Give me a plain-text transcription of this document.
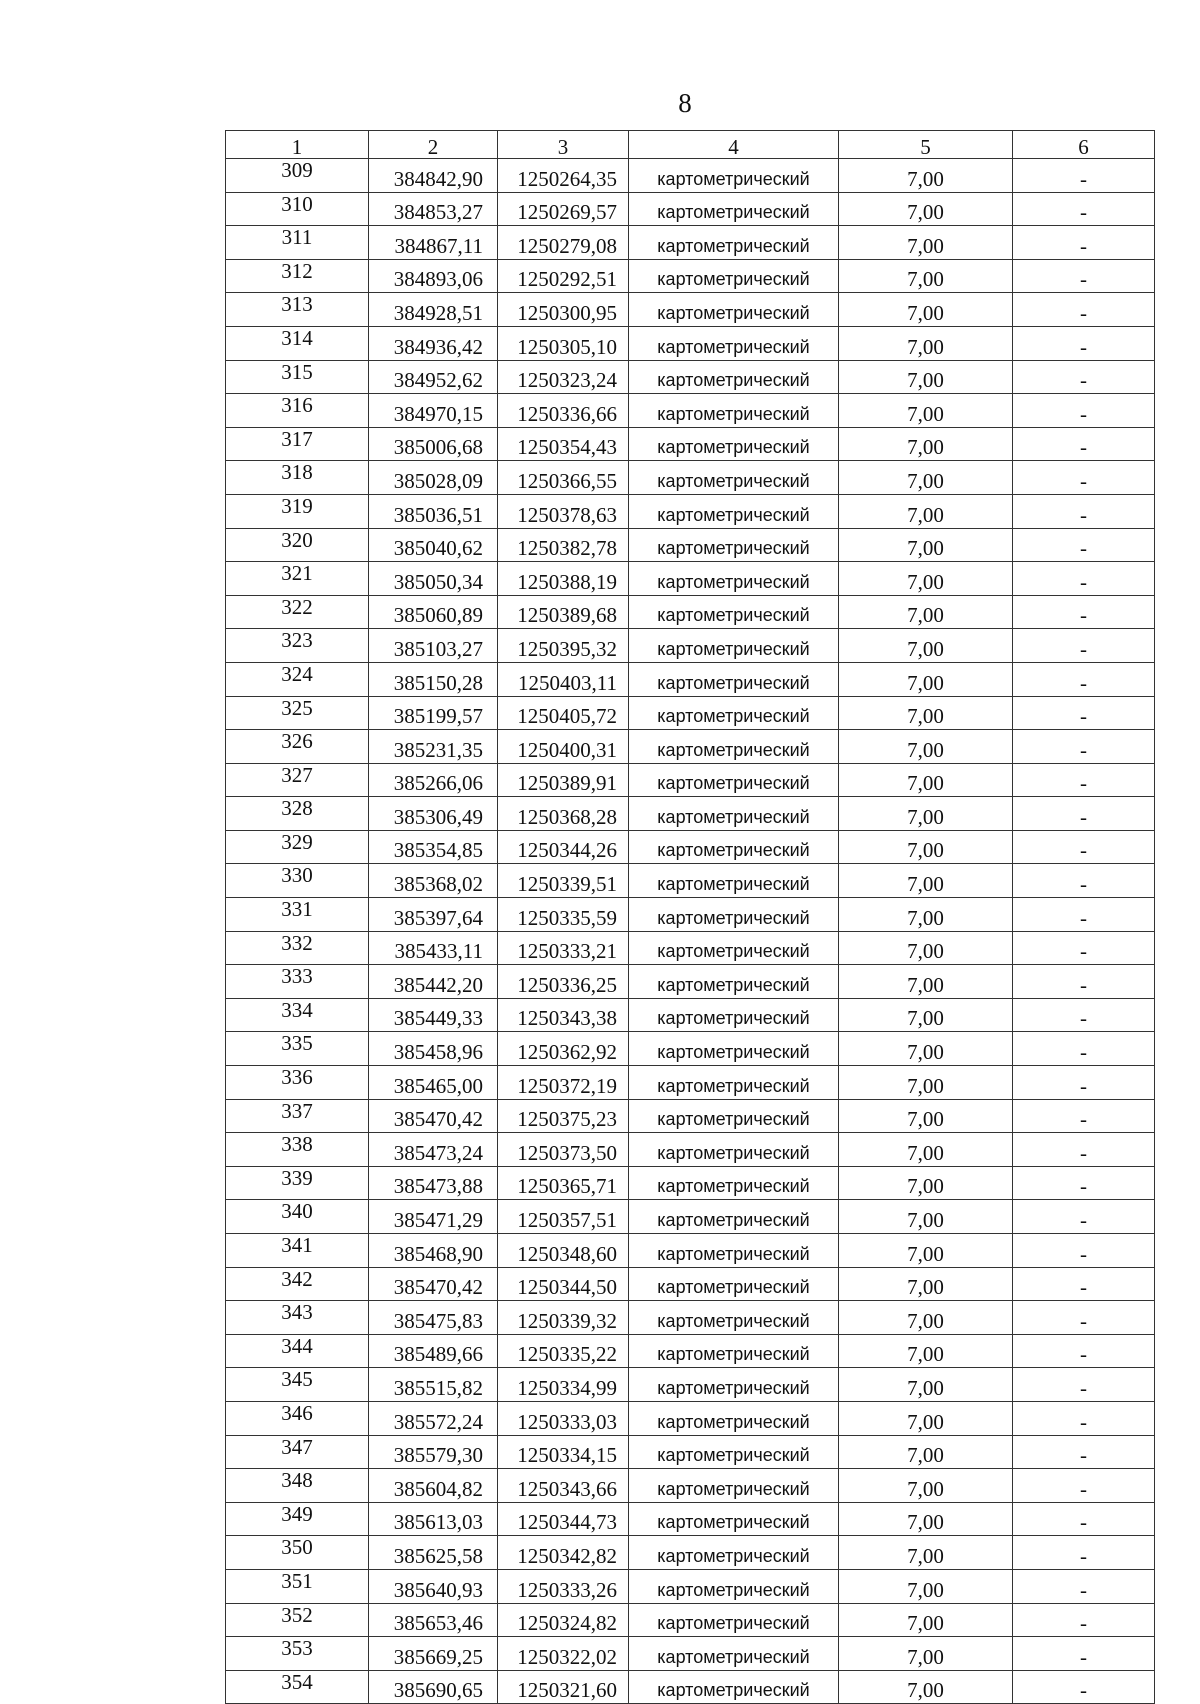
8
1	2	3	4	5	6
309	384842,90	1250264,35	картометрический	7,00	-
310	384853,27	1250269,57	картометрический	7,00	-
311	384867,11	1250279,08	картометрический	7,00	-
312	384893,06	1250292,51	картометрический	7,00	-
313	384928,51	1250300,95	картометрический	7,00	-
314	384936,42	1250305,10	картометрический	7,00	-
315	384952,62	1250323,24	картометрический	7,00	-
316	384970,15	1250336,66	картометрический	7,00	-
317	385006,68	1250354,43	картометрический	7,00	-
318	385028,09	1250366,55	картометрический	7,00	-
319	385036,51	1250378,63	картометрический	7,00	-
320	385040,62	1250382,78	картометрический	7,00	-
321	385050,34	1250388,19	картометрический	7,00	-
322	385060,89	1250389,68	картометрический	7,00	-
323	385103,27	1250395,32	картометрический	7,00	-
324	385150,28	1250403,11	картометрический	7,00	-
325	385199,57	1250405,72	картометрический	7,00	-
326	385231,35	1250400,31	картометрический	7,00	-
327	385266,06	1250389,91	картометрический	7,00	-
328	385306,49	1250368,28	картометрический	7,00	-
329	385354,85	1250344,26	картометрический	7,00	-
330	385368,02	1250339,51	картометрический	7,00	-
331	385397,64	1250335,59	картометрический	7,00	-
332	385433,11	1250333,21	картометрический	7,00	-
333	385442,20	1250336,25	картометрический	7,00	-
334	385449,33	1250343,38	картометрический	7,00	-
335	385458,96	1250362,92	картометрический	7,00	-
336	385465,00	1250372,19	картометрический	7,00	-
337	385470,42	1250375,23	картометрический	7,00	-
338	385473,24	1250373,50	картометрический	7,00	-
339	385473,88	1250365,71	картометрический	7,00	-
340	385471,29	1250357,51	картометрический	7,00	-
341	385468,90	1250348,60	картометрический	7,00	-
342	385470,42	1250344,50	картометрический	7,00	-
343	385475,83	1250339,32	картометрический	7,00	-
344	385489,66	1250335,22	картометрический	7,00	-
345	385515,82	1250334,99	картометрический	7,00	-
346	385572,24	1250333,03	картометрический	7,00	-
347	385579,30	1250334,15	картометрический	7,00	-
348	385604,82	1250343,66	картометрический	7,00	-
349	385613,03	1250344,73	картометрический	7,00	-
350	385625,58	1250342,82	картометрический	7,00	-
351	385640,93	1250333,26	картометрический	7,00	-
352	385653,46	1250324,82	картометрический	7,00	-
353	385669,25	1250322,02	картометрический	7,00	-
354	385690,65	1250321,60	картометрический	7,00	-
